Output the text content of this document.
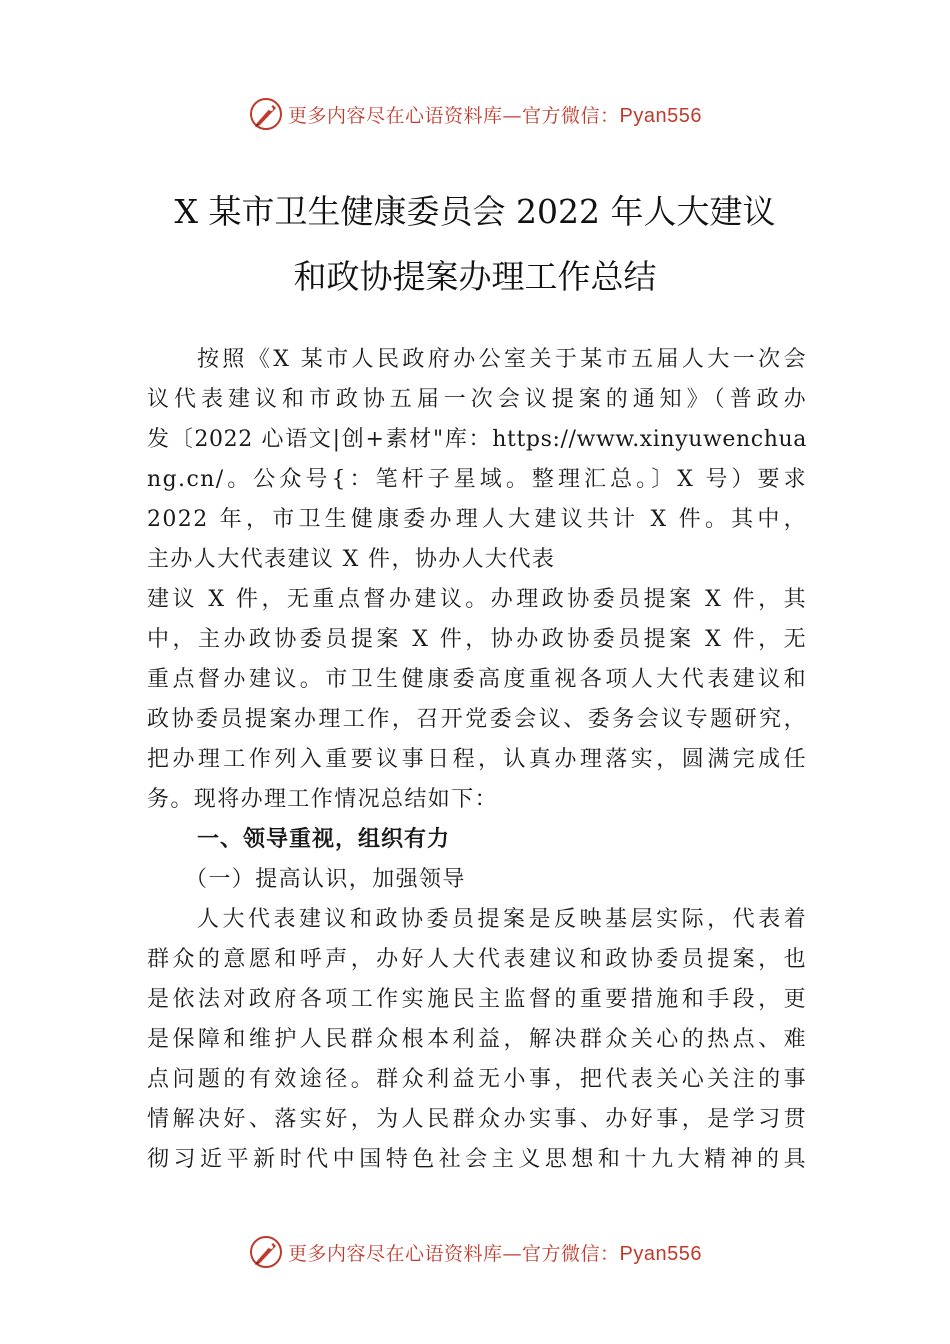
更多内容尽在心语资料库—官方微信：Pyan556
X 某市卫生健康委员会 2022 年人大建议
和政协提案办理工作总结
按照《X 某市人民政府办公室关于某市五届人大一次会
议代表建议和市政协五届一次会议提案的通知》（普政办
发〔2022 心语文|创+素材"库：https://www.xinyuwenchua
ng.cn/。公众号{：笔杆子星域。整理汇总。〕X 号）要求
2022 年，市卫生健康委办理人大建议共计 X 件。其中，
主办人大代表建议 X 件，协办人大代表
建议 X 件，无重点督办建议。办理政协委员提案 X 件，其
中，主办政协委员提案 X 件，协办政协委员提案 X 件，无
重点督办建议。市卫生健康委高度重视各项人大代表建议和
政协委员提案办理工作，召开党委会议、委务会议专题研究，
把办理工作列入重要议事日程，认真办理落实，圆满完成任
务。现将办理工作情况总结如下：
一、领导重视，组织有力
（一）提高认识，加强领导
人大代表建议和政协委员提案是反映基层实际，代表着
群众的意愿和呼声，办好人大代表建议和政协委员提案，也
是依法对政府各项工作实施民主监督的重要措施和手段，更
是保障和维护人民群众根本利益，解决群众关心的热点、难
点问题的有效途径。群众利益无小事，把代表关心关注的事
情解决好、落实好，为人民群众办实事、办好事，是学习贯
彻习近平新时代中国特色社会主义思想和十九大精神的具
更多内容尽在心语资料库—官方微信：Pyan556
